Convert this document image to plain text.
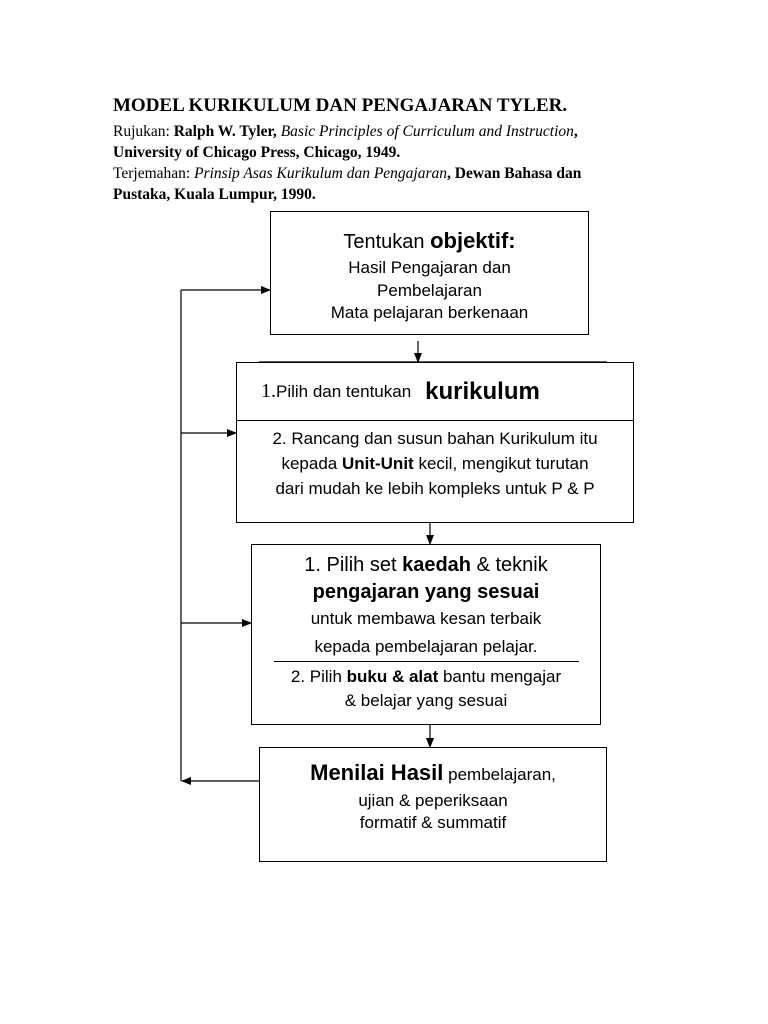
MODEL KURIKULUM DAN PENGAJARAN TYLER.

Rujukan: Ralph W. Tyler, Basic Principles of Curriculum and Instruction,

University of Chicago Press, Chicago, 1949.

Terjemahan: Prinsip Asas Kurikulum dan Pengajaran, Dewan Bahasa dan

Pustaka, Kuala Lumpur, 1990.

Tentukan objektif:
Hasil Pengajaran dan
Pembelajaran
Mata pelajaran berkenaan
1. Pilih dan tentukan kurikulum
2. Rancang dan susun bahan Kurikulum itu
kepada Unit-Unit kecil, mengikut turutan
dari mudah ke lebih kompleks untuk P & P
1. Pilih set kaedah & teknik
pengajaran yang sesuai
untuk membawa kesan terbaik
kepada pembelajaran pelajar.
2. Pilih buku & alat bantu mengajar
& belajar yang sesuai
Menilai Hasil pembelajaran,
ujian & peperiksaan
formatif & summatif
